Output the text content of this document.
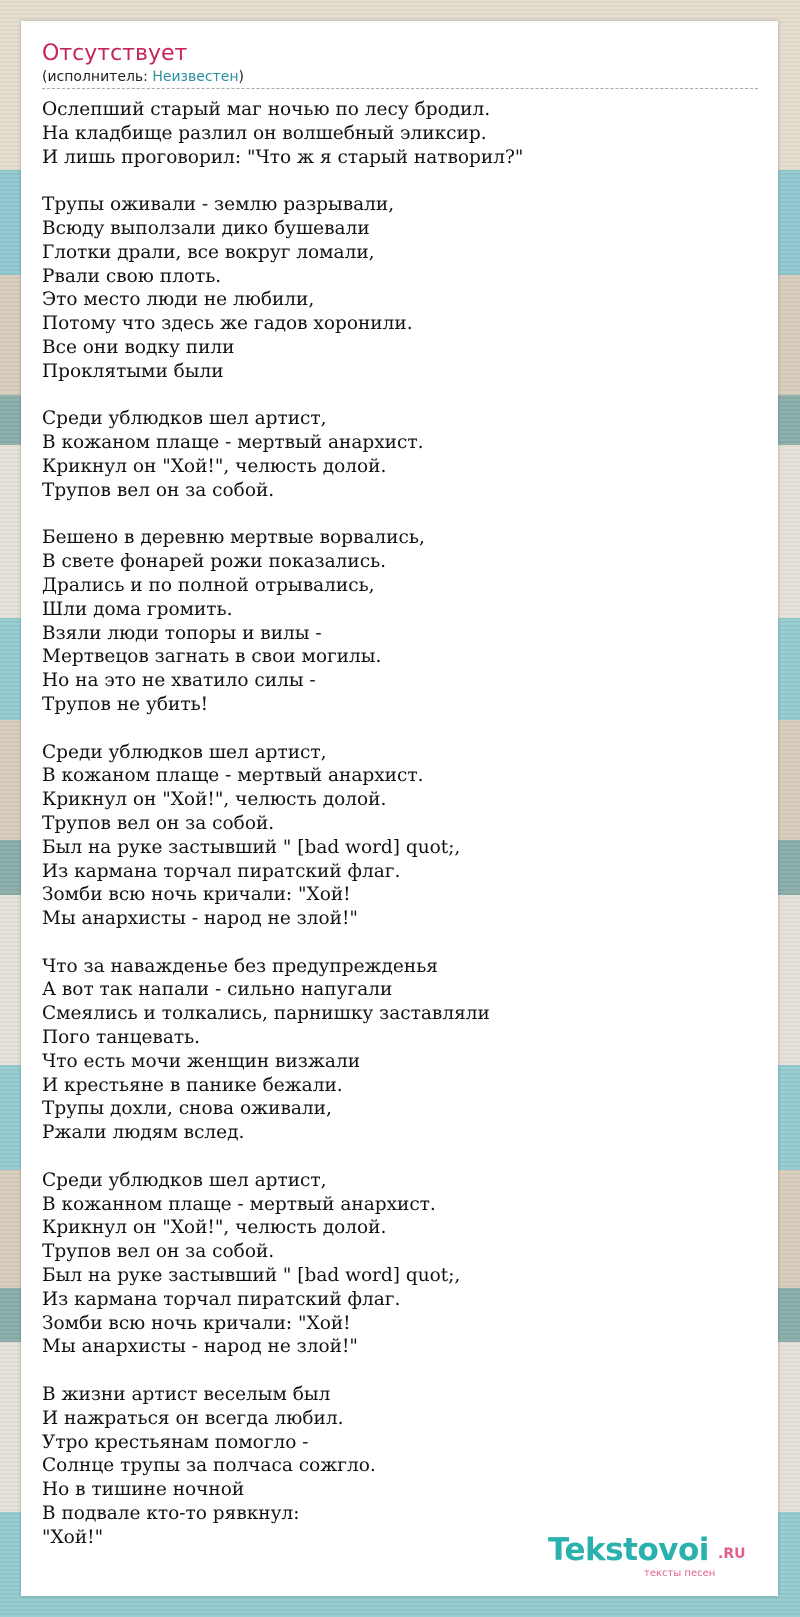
Отсутствует
(исполнитель: Неизвестен)
Ослепший старый маг ночью по лесу бродил.
На кладбище разлил он волшебный эликсир.
И лишь проговорил: "Что ж я старый натворил?"

Трупы оживали - землю разрывали,
Всюду выползали дико бушевали
Глотки драли, все вокруг ломали,
Рвали свою плоть.
Это место люди не любили,
Потому что здесь же гадов хоронили.
Все они водку пили
Проклятыми были

Среди ублюдков шел артист,
В кожаном плаще - мертвый анархист.
Крикнул он "Хой!", челюсть долой.
Трупов вел он за собой.

Бешено в деревню мертвые ворвались,
В свете фонарей рожи показались.
Дрались и по полной отрывались,
Шли дома громить.
Взяли люди топоры и вилы -
Мертвецов загнать в свои могилы.
Но на это не хватило силы -
Трупов не убить!

Среди ублюдков шел артист,
В кожаном плаще - мертвый анархист.
Крикнул он "Хой!", челюсть долой.
Трупов вел он за собой.
Был на руке застывший " [bad word] quot;,
Из кармана торчал пиратский флаг.
Зомби всю ночь кричали: "Хой!
Мы анархисты - народ не злой!"

Что за наважденье без предупрежденья
А вот так напали - сильно напугали
Смеялись и толкались, парнишку заставляли
Пого танцевать.
Что есть мочи женщин визжали
И крестьяне в панике бежали.
Трупы дохли, снова оживали,
Ржали людям вслед.

Среди ублюдков шел артист,
В кожанном плаще - мертвый анархист.
Крикнул он "Хой!", челюсть долой.
Трупов вел он за собой.
Был на руке застывший " [bad word] quot;,
Из кармана торчал пиратский флаг.
Зомби всю ночь кричали: "Хой!
Мы анархисты - народ не злой!"

В жизни артист веселым был
И нажраться он всегда любил.
Утро крестьянам помогло -
Солнце трупы за полчаса сожгло.
Но в тишине ночной
В подвале кто-то рявкнул:
"Хой!"	Tekstovoi .RU
тексты песен
